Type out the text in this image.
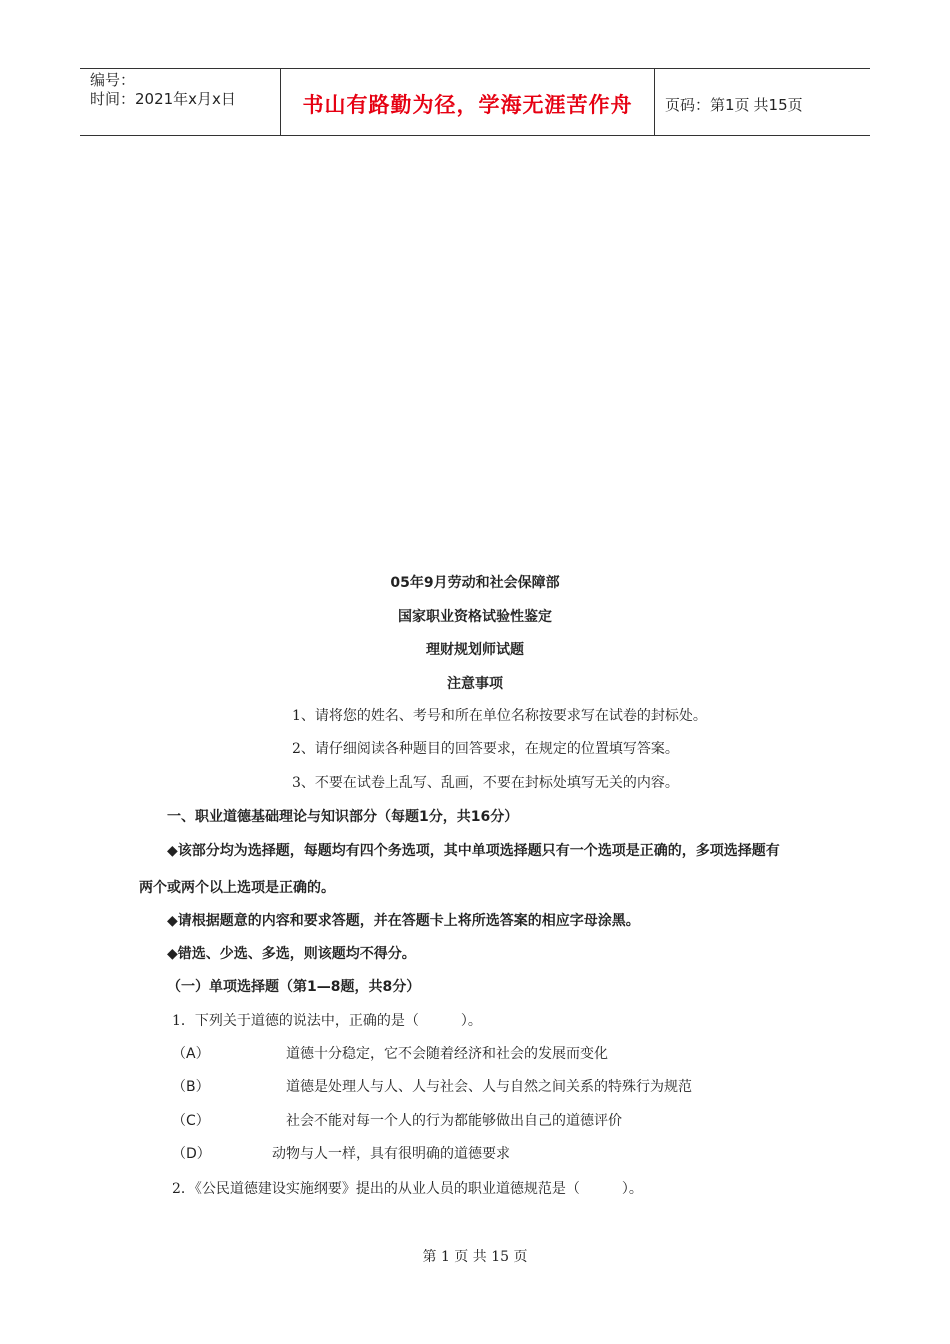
编号：
时间：2021年x月x日	书山有路勤为径，学海无涯苦作舟	页码：第1页 共15页
05年9月劳动和社会保障部
国家职业资格试验性鉴定
理财规划师试题
注意事项
1、请将您的姓名、考号和所在单位名称按要求写在试卷的封标处。
2、请仔细阅读各种题目的回答要求，在规定的位置填写答案。
3、不要在试卷上乱写、乱画，不要在封标处填写无关的内容。
一、职业道德基础理论与知识部分（每题1分，共16分）
◆该部分均为选择题，每题均有四个务选项，其中单项选择题只有一个选项是正确的，多项选择题有
两个或两个以上选项是正确的。
◆请根据题意的内容和要求答题，并在答题卡上将所选答案的相应字母涂黑。
◆错选、少选、多选，则该题均不得分。
（一）单项选择题（第1—8题，共8分）
1．下列关于道德的说法中，正确的是（　　　）。
（A）	道德十分稳定，它不会随着经济和社会的发展而变化
（B）	道德是处理人与人、人与社会、人与自然之间关系的特殊行为规范
（C）	社会不能对每一个人的行为都能够做出自己的道德评价
（D）	动物与人一样，具有很明确的道德要求
2．《公民道德建设实施纲要》提出的从业人员的职业道德规范是（　　　）。
第 1 页 共 15 页
